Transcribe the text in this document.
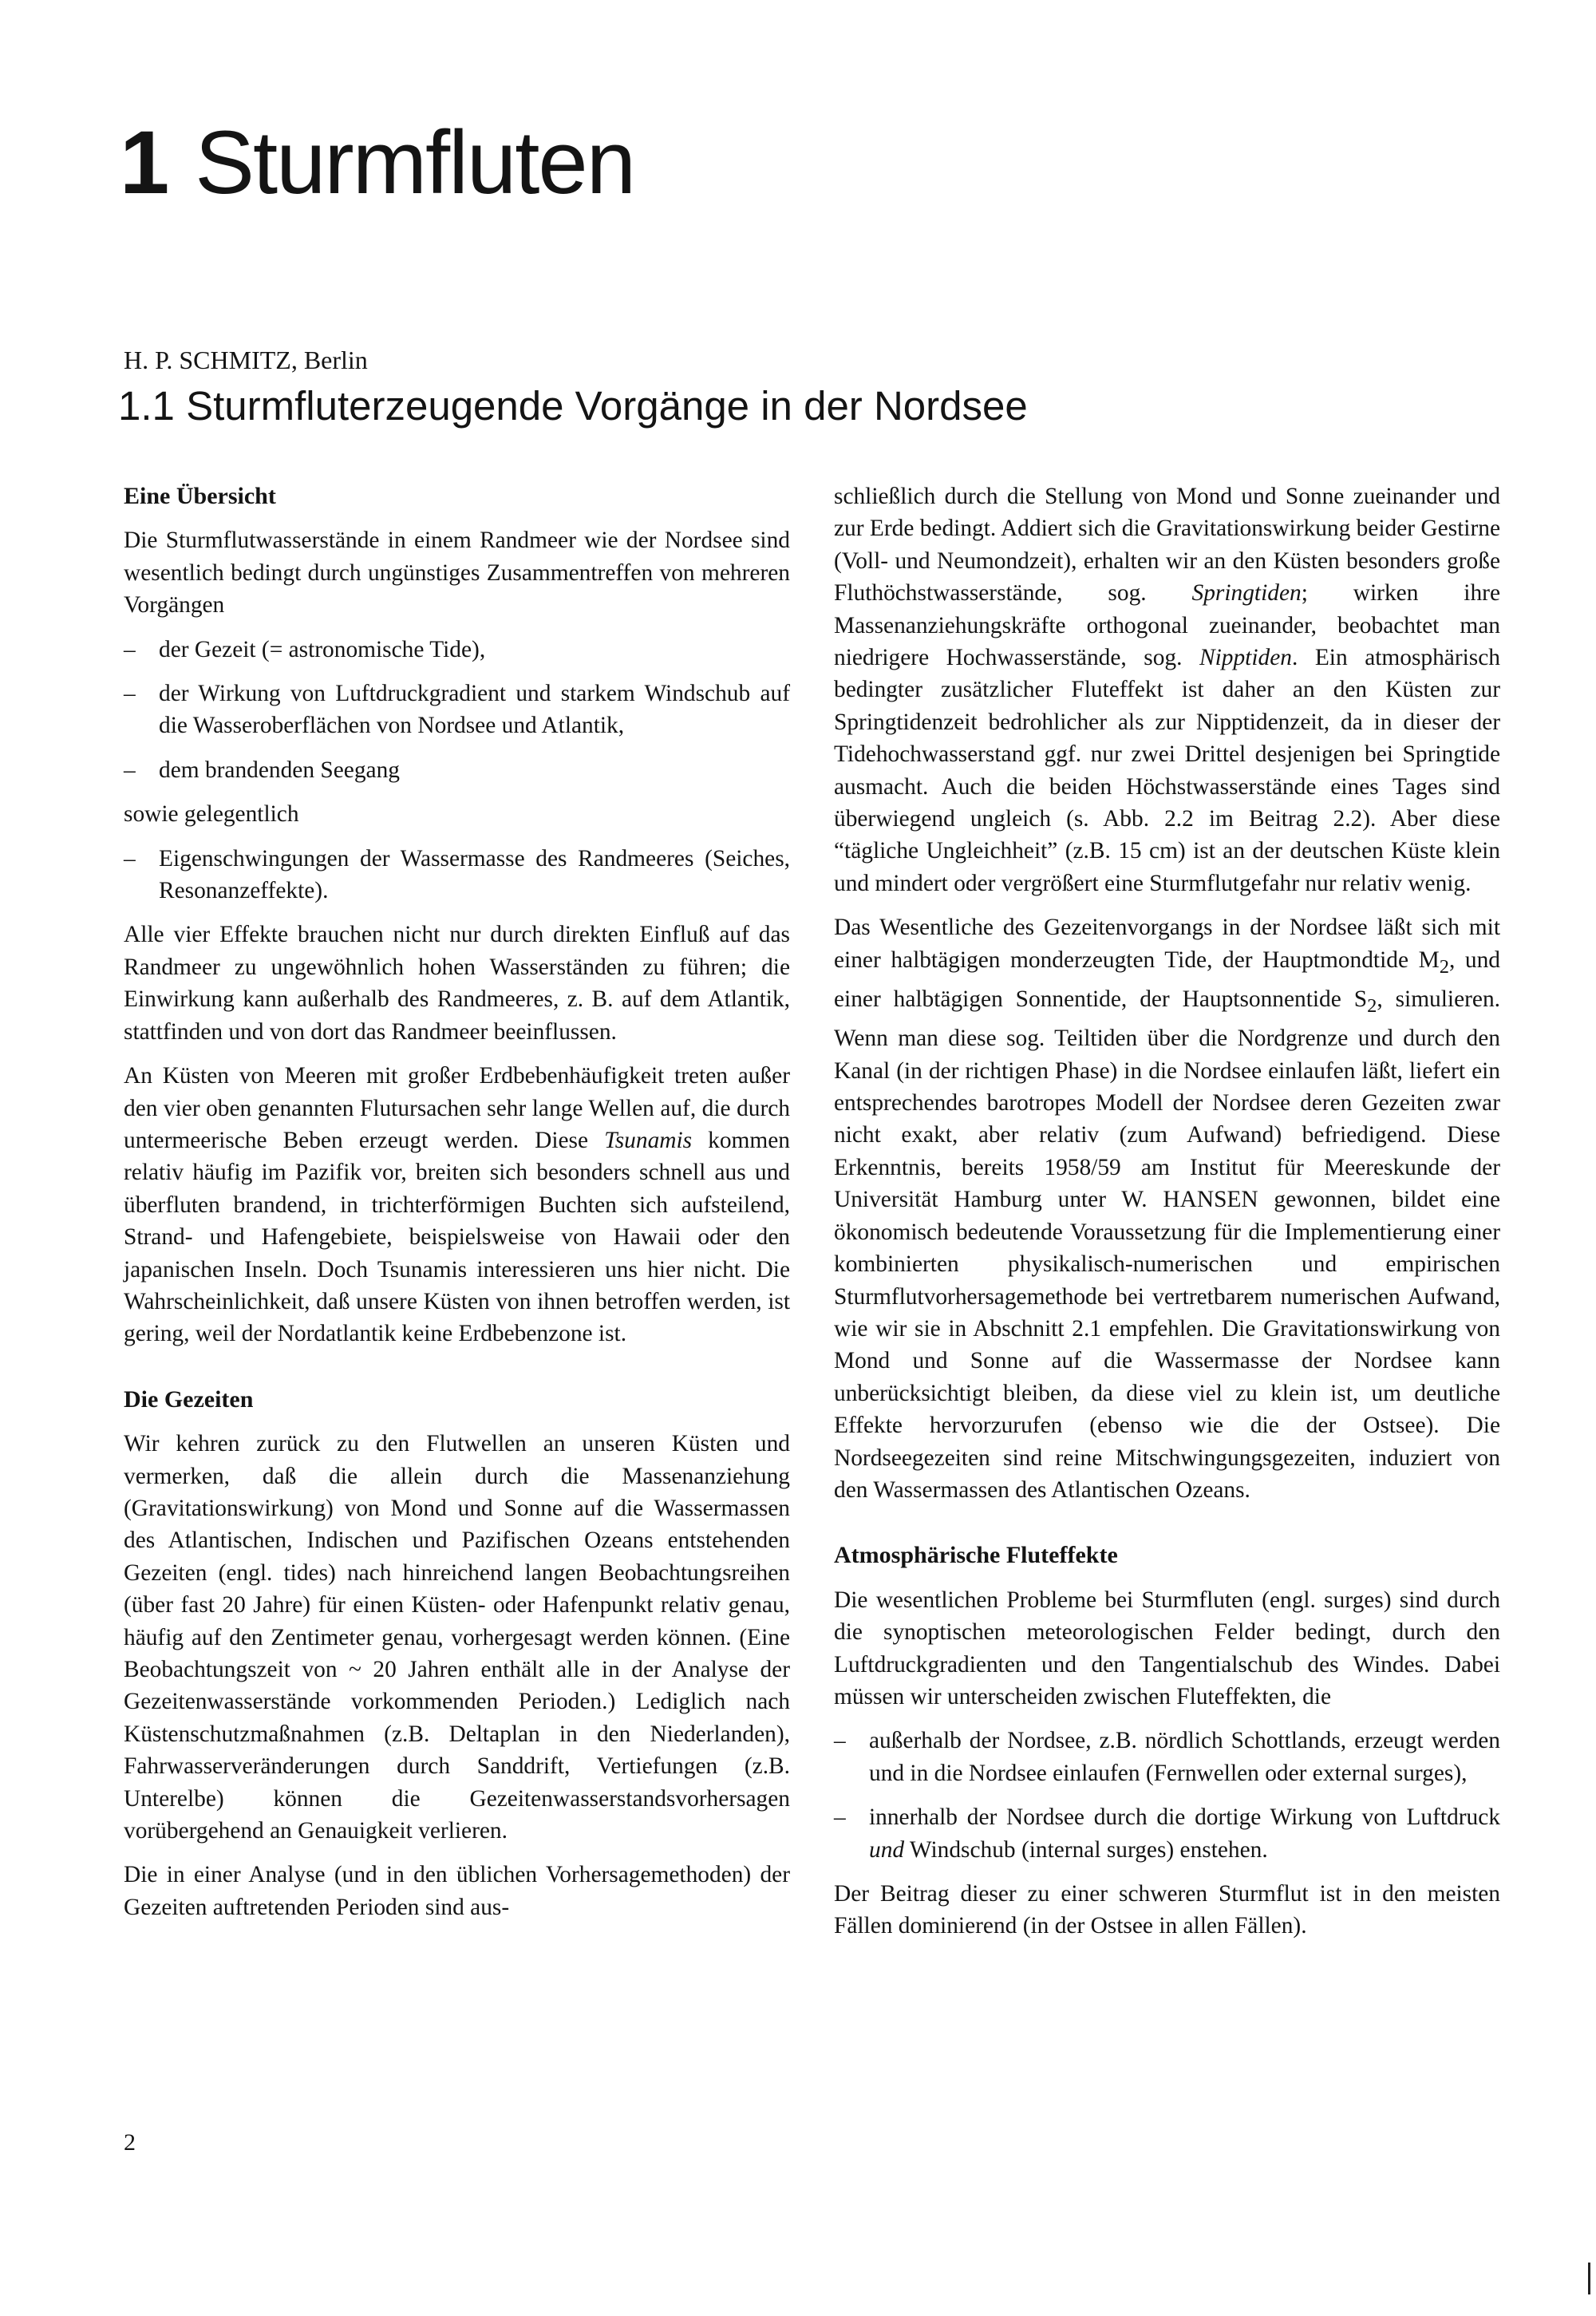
1 Sturmfluten
H. P. SCHMITZ, Berlin
1.1 Sturmfluterzeugende Vorgänge in der Nordsee
Eine Übersicht

Die Sturmflutwasserstände in einem Randmeer wie der Nordsee sind wesentlich bedingt durch ungünstiges Zusammentreffen von mehreren Vorgängen

– der Gezeit (= astronomische Tide),
– der Wirkung von Luftdruckgradient und starkem Windschub auf die Wasseroberflächen von Nordsee und Atlantik,
– dem brandenden Seegang

sowie gelegentlich

– Eigenschwingungen der Wassermasse des Randmeeres (Seiches, Resonanzeffekte).

Alle vier Effekte brauchen nicht nur durch direkten Einfluß auf das Randmeer zu ungewöhnlich hohen Wasserständen zu führen; die Einwirkung kann außerhalb des Randmeeres, z. B. auf dem Atlantik, stattfinden und von dort das Randmeer beeinflussen.

An Küsten von Meeren mit großer Erdbebenhäufigkeit treten außer den vier oben genannten Flutursachen sehr lange Wellen auf, die durch untermeerische Beben erzeugt werden. Diese Tsunamis kommen relativ häufig im Pazifik vor, breiten sich besonders schnell aus und überfluten brandend, in trichterförmigen Buchten sich aufsteilend, Strand- und Hafengebiete, beispielsweise von Hawaii oder den japanischen Inseln. Doch Tsunamis interessieren uns hier nicht. Die Wahrscheinlichkeit, daß unsere Küsten von ihnen betroffen werden, ist gering, weil der Nordatlantik keine Erdbebenzone ist.

Die Gezeiten

Wir kehren zurück zu den Flutwellen an unseren Küsten und vermerken, daß die allein durch die Massenanziehung (Gravitationswirkung) von Mond und Sonne auf die Wassermassen des Atlantischen, Indischen und Pazifischen Ozeans entstehenden Gezeiten (engl. tides) nach hinreichend langen Beobachtungsreihen (über fast 20 Jahre) für einen Küsten- oder Hafenpunkt relativ genau, häufig auf den Zentimeter genau, vorhergesagt werden können. (Eine Beobachtungszeit von ~ 20 Jahren enthält alle in der Analyse der Gezeitenwasserstände vorkommenden Perioden.) Lediglich nach Küstenschutzmaßnahmen (z.B. Deltaplan in den Niederlanden), Fahrwasserveränderungen durch Sanddrift, Vertiefungen (z.B. Unterelbe) können die Gezeitenwasserstandsvorhersagen vorübergehend an Genauigkeit verlieren.

Die in einer Analyse (und in den üblichen Vorhersagemethoden) der Gezeiten auftretenden Perioden sind aus-

schließlich durch die Stellung von Mond und Sonne zueinander und zur Erde bedingt. Addiert sich die Gravitationswirkung beider Gestirne (Voll- und Neumondzeit), erhalten wir an den Küsten besonders große Fluthöchstwasserstände, sog. Springtiden; wirken ihre Massenanziehungskräfte orthogonal zueinander, beobachtet man niedrigere Hochwasserstände, sog. Nipptiden. Ein atmosphärisch bedingter zusätzlicher Fluteffekt ist daher an den Küsten zur Springtidenzeit bedrohlicher als zur Nipptidenzeit, da in dieser der Tidehochwasserstand ggf. nur zwei Drittel desjenigen bei Springtide ausmacht. Auch die beiden Höchstwasserstände eines Tages sind überwiegend ungleich (s. Abb. 2.2 im Beitrag 2.2). Aber diese “tägliche Ungleichheit” (z.B. 15 cm) ist an der deutschen Küste klein und mindert oder vergrößert eine Sturmflutgefahr nur relativ wenig.

Das Wesentliche des Gezeitenvorgangs in der Nordsee läßt sich mit einer halbtägigen monderzeugten Tide, der Hauptmondtide $M_2$, und einer halbtägigen Sonnentide, der Hauptsonnentide $S_2$, simulieren. Wenn man diese sog. Teiltiden über die Nordgrenze und durch den Kanal (in der richtigen Phase) in die Nordsee einlaufen läßt, liefert ein entsprechendes barotropes Modell der Nordsee deren Gezeiten zwar nicht exakt, aber relativ (zum Aufwand) befriedigend. Diese Erkenntnis, bereits 1958/59 am Institut für Meereskunde der Universität Hamburg unter W. HANSEN gewonnen, bildet eine ökonomisch bedeutende Voraussetzung für die Implementierung einer kombinierten physikalisch-numerischen und empirischen Sturmflutvorhersagemethode bei vertretbarem numerischen Aufwand, wie wir sie in Abschnitt 2.1 empfehlen. Die Gravitationswirkung von Mond und Sonne auf die Wassermasse der Nordsee kann unberücksichtigt bleiben, da diese viel zu klein ist, um deutliche Effekte hervorzurufen (ebenso wie die der Ostsee). Die Nordseegezeiten sind reine Mitschwingungsgezeiten, induziert von den Wassermassen des Atlantischen Ozeans.

Atmosphärische Fluteffekte

Die wesentlichen Probleme bei Sturmfluten (engl. surges) sind durch die synoptischen meteorologischen Felder bedingt, durch den Luftdruckgradienten und den Tangentialschub des Windes. Dabei müssen wir unterscheiden zwischen Fluteffekten, die

– außerhalb der Nordsee, z.B. nördlich Schottlands, erzeugt werden und in die Nordsee einlaufen (Fernwellen oder external surges),
– innerhalb der Nordsee durch die dortige Wirkung von Luftdruck und Windschub (internal surges) enstehen.

Der Beitrag dieser zu einer schweren Sturmflut ist in den meisten Fällen dominierend (in der Ostsee in allen Fällen).

2
